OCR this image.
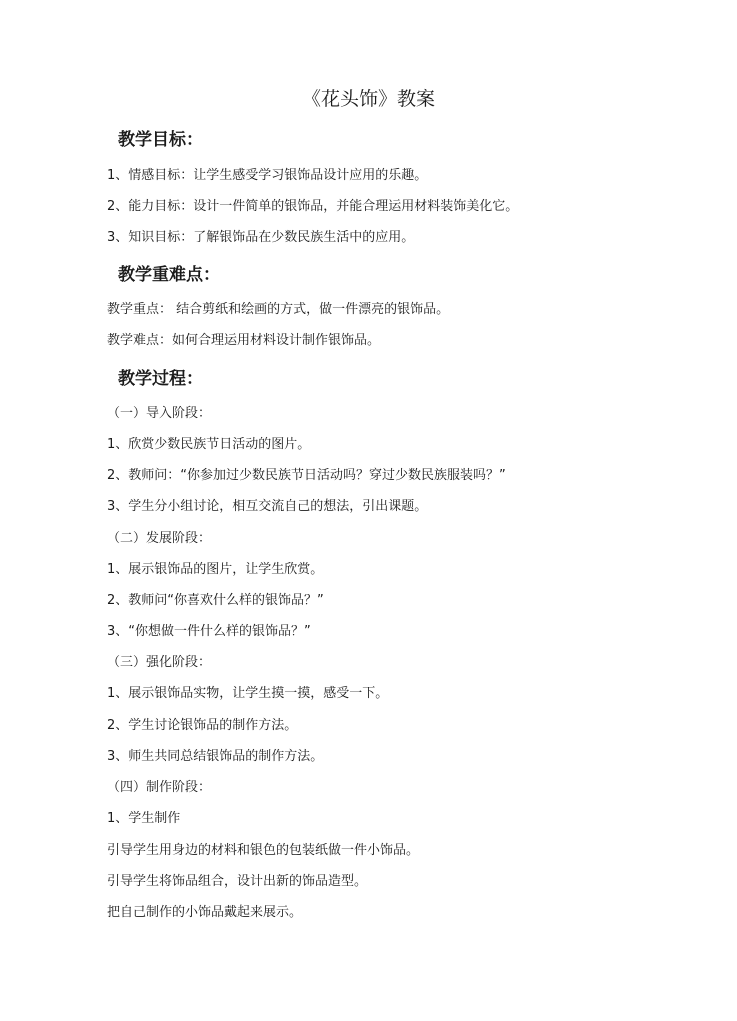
《花头饰》教案
教学目标：
1、情感目标：让学生感受学习银饰品设计应用的乐趣。
2、能力目标：设计一件简单的银饰品，并能合理运用材料装饰美化它。
3、知识目标：了解银饰品在少数民族生活中的应用。
教学重难点：
教学重点： 结合剪纸和绘画的方式，做一件漂亮的银饰品。
教学难点：如何合理运用材料设计制作银饰品。
教学过程：
（一）导入阶段：
1、欣赏少数民族节日活动的图片。
2、教师问：“你参加过少数民族节日活动吗？穿过少数民族服装吗？”
3、学生分小组讨论，相互交流自己的想法，引出课题。
（二）发展阶段：
1、展示银饰品的图片，让学生欣赏。
2、教师问“你喜欢什么样的银饰品？”
3、“你想做一件什么样的银饰品？”
（三）强化阶段：
1、展示银饰品实物，让学生摸一摸，感受一下。
2、学生讨论银饰品的制作方法。
3、师生共同总结银饰品的制作方法。
（四）制作阶段：
1、学生制作
引导学生用身边的材料和银色的包装纸做一件小饰品。
引导学生将饰品组合，设计出新的饰品造型。
把自己制作的小饰品戴起来展示。
